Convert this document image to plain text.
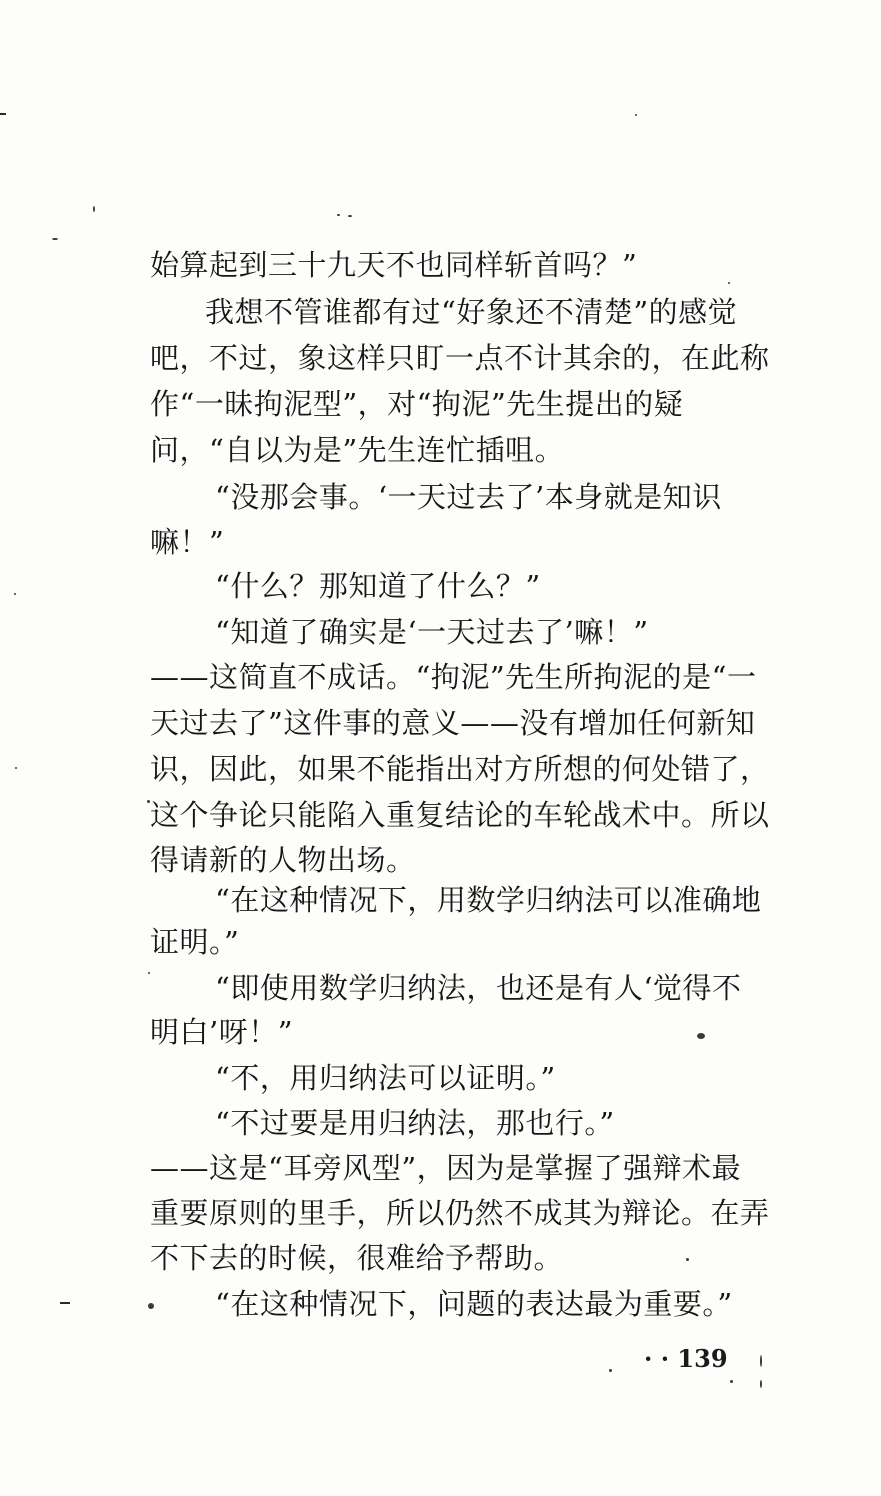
始算起到三十九天不也同样斩首吗？”
我想不管谁都有过“好象还不清楚”的感觉
吧，不过，象这样只盯一点不计其余的，在此称
作“一昧拘泥型”，对“拘泥”先生提出的疑
问，“自以为是”先生连忙插咀。
“没那会事。‘一天过去了’本身就是知识
嘛！”
“什么？那知道了什么？”
“知道了确实是‘一天过去了’嘛！”
——这简直不成话。“拘泥”先生所拘泥的是“一
天过去了”这件事的意义——没有增加任何新知
识，因此，如果不能指出对方所想的何处错了，
这个争论只能陷入重复结论的车轮战术中。所以
得请新的人物出场。
“在这种情况下，用数学归纳法可以准确地
证明。”
“即使用数学归纳法，也还是有人‘觉得不
明白’呀！”
“不，用归纳法可以证明。”
“不过要是用归纳法，那也行。”
——这是“耳旁风型”，因为是掌握了强辩术最
重要原则的里手，所以仍然不成其为辩论。在弄
不下去的时候，很难给予帮助。
“在这种情况下，问题的表达最为重要。”
· · 139
